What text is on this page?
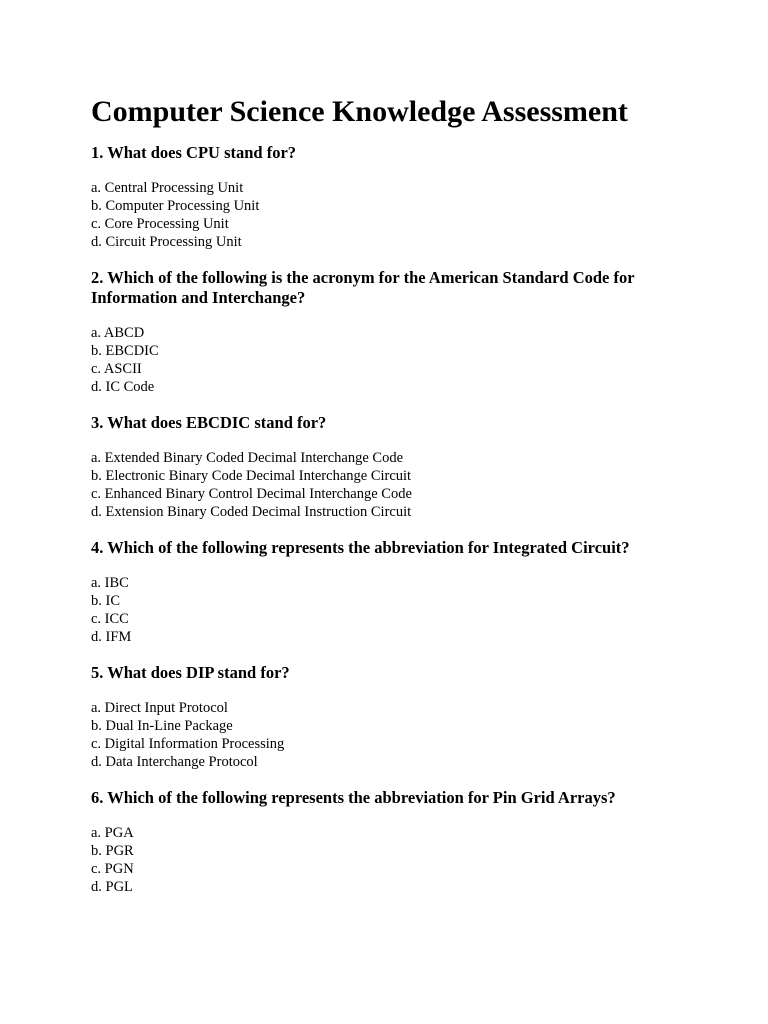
Computer Science Knowledge Assessment

1. What does CPU stand for?

a. Central Processing Unit
b. Computer Processing Unit
c. Core Processing Unit
d. Circuit Processing Unit

2. Which of the following is the acronym for the American Standard Code for Information and Interchange?

a. ABCD
b. EBCDIC
c. ASCII
d. IC Code

3. What does EBCDIC stand for?

a. Extended Binary Coded Decimal Interchange Code
b. Electronic Binary Code Decimal Interchange Circuit
c. Enhanced Binary Control Decimal Interchange Code
d. Extension Binary Coded Decimal Instruction Circuit

4. Which of the following represents the abbreviation for Integrated Circuit?

a. IBC
b. IC
c. ICC
d. IFM

5. What does DIP stand for?

a. Direct Input Protocol
b. Dual In-Line Package
c. Digital Information Processing
d. Data Interchange Protocol

6. Which of the following represents the abbreviation for Pin Grid Arrays?

a. PGA
b. PGR
c. PGN
d. PGL
